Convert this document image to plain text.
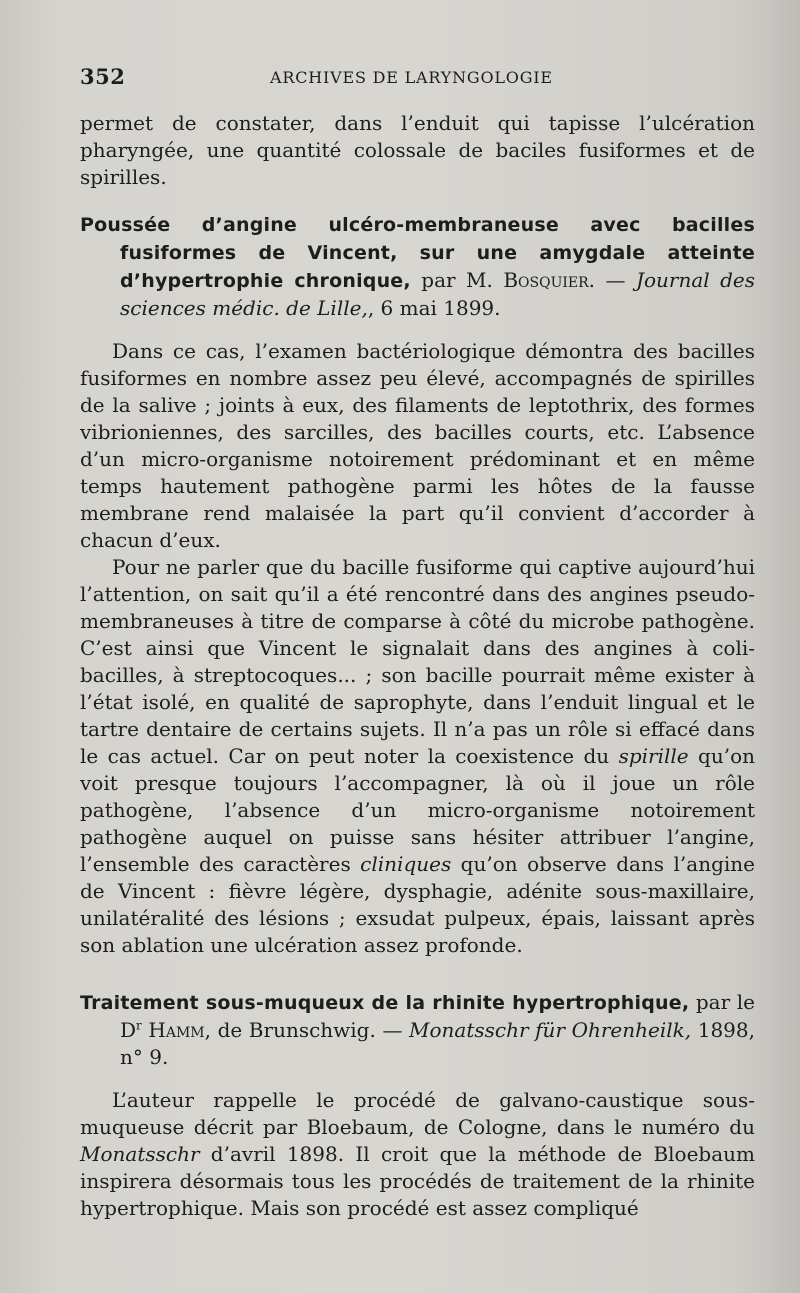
352	ARCHIVES DE LARYNGOLOGIE

permet de constater, dans l’enduit qui tapisse l’ulcération pharyngée, une quantité colossale de baciles fusiformes et de spirilles.

Poussée d’angine ulcéro-membraneuse avec bacilles fusiformes de Vincent, sur une amygdale atteinte d’hypertrophie chronique, par M. Bosquier. — Journal des sciences médic. de Lille,, 6 mai 1899.

Dans ce cas, l’examen bactériologique démontra des bacilles fusiformes en nombre assez peu élevé, accompagnés de spirilles de la salive ; joints à eux, des filaments de leptothrix, des formes vibrioniennes, des sarcilles, des bacilles courts, etc. L’absence d’un micro-organisme notoirement prédominant et en même temps hautement pathogène parmi les hôtes de la fausse membrane rend malaisée la part qu’il convient d’accorder à chacun d’eux.

Pour ne parler que du bacille fusiforme qui captive aujourd’hui l’attention, on sait qu’il a été rencontré dans des angines pseudo-membraneuses à titre de comparse à côté du microbe pathogène. C’est ainsi que Vincent le signalait dans des angines à coli-bacilles, à streptocoques... ; son bacille pourrait même exister à l’état isolé, en qualité de saprophyte, dans l’enduit lingual et le tartre dentaire de certains sujets. Il n’a pas un rôle si effacé dans le cas actuel. Car on peut noter la coexistence du spirille qu’on voit presque toujours l’accompagner, là où il joue un rôle pathogène, l’absence d’un micro-organisme notoirement pathogène auquel on puisse sans hésiter attribuer l’angine, l’ensemble des caractères cliniques qu’on observe dans l’angine de Vincent : fièvre légère, dysphagie, adénite sous-maxillaire, unilatéralité des lésions ; exsudat pulpeux, épais, laissant après son ablation une ulcération assez profonde.

Traitement sous-muqueux de la rhinite hypertrophique, par le $D^r$ Hamm, de Brunschwig. — Monatsschr für Ohrenheilk, 1898, n° 9.

L’auteur rappelle le procédé de galvano-caustique sous-muqueuse décrit par Bloebaum, de Cologne, dans le numéro du Monatsschr d’avril 1898. Il croit que la méthode de Bloebaum inspirera désormais tous les procédés de traitement de la rhinite hypertrophique. Mais son procédé est assez compliqué
